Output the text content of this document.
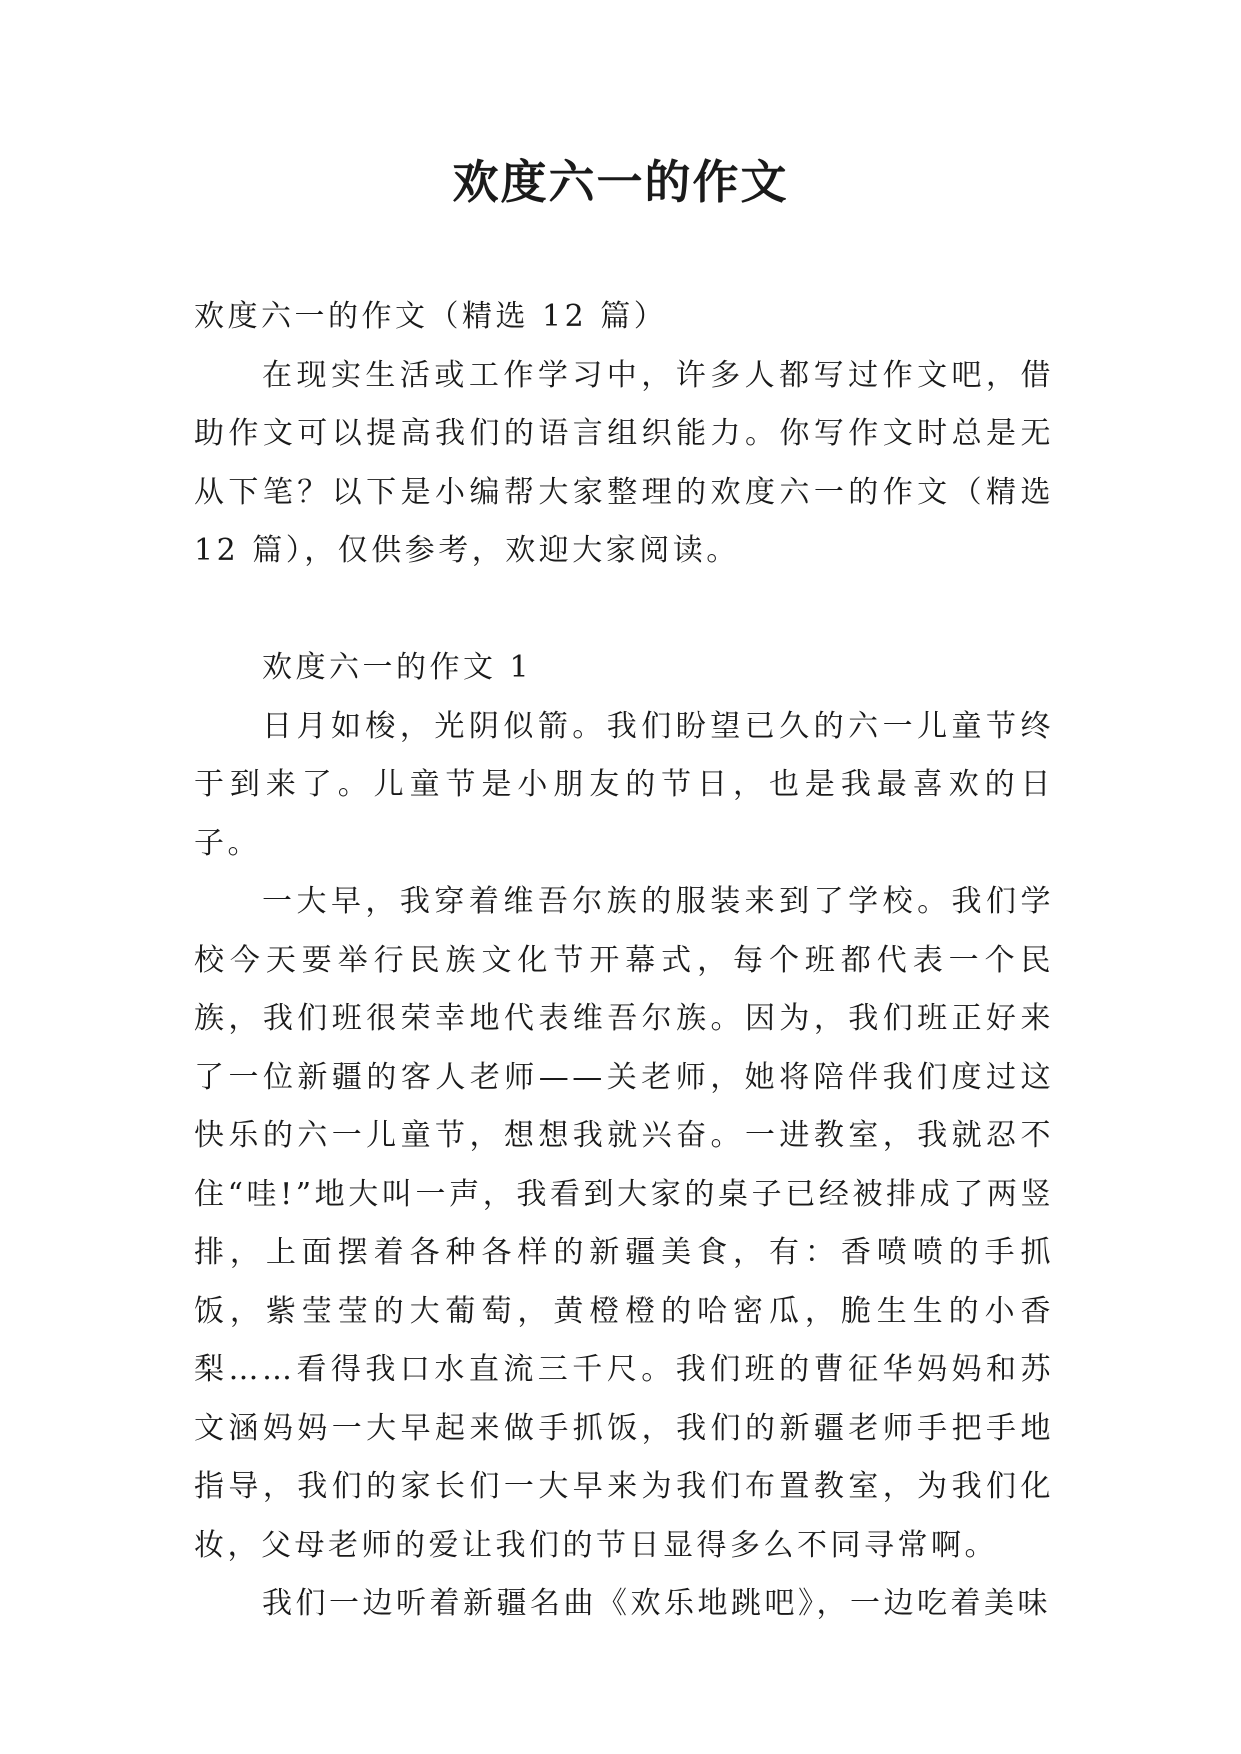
欢度六一的作文

欢度六一的作文（精选 12 篇）

在现实生活或工作学习中，许多人都写过作文吧，借助作文可以提高我们的语言组织能力。你写作文时总是无从下笔？以下是小编帮大家整理的欢度六一的作文（精选 12 篇），仅供参考，欢迎大家阅读。

欢度六一的作文 1

日月如梭，光阴似箭。我们盼望已久的六一儿童节终于到来了。儿童节是小朋友的节日，也是我最喜欢的日子。

一大早，我穿着维吾尔族的服装来到了学校。我们学校今天要举行民族文化节开幕式，每个班都代表一个民族，我们班很荣幸地代表维吾尔族。因为，我们班正好来了一位新疆的客人老师——关老师，她将陪伴我们度过这快乐的六一儿童节，想想我就兴奋。一进教室，我就忍不住“哇!”地大叫一声，我看到大家的桌子已经被排成了两竖排，上面摆着各种各样的新疆美食，有：香喷喷的手抓饭，紫莹莹的大葡萄，黄橙橙的哈密瓜，脆生生的小香梨……看得我口水直流三千尺。我们班的曹征华妈妈和苏文涵妈妈一大早起来做手抓饭，我们的新疆老师手把手地指导，我们的家长们一大早来为我们布置教室，为我们化妆，父母老师的爱让我们的节日显得多么不同寻常啊。

我们一边听着新疆名曲《欢乐地跳吧》，一边吃着美味
